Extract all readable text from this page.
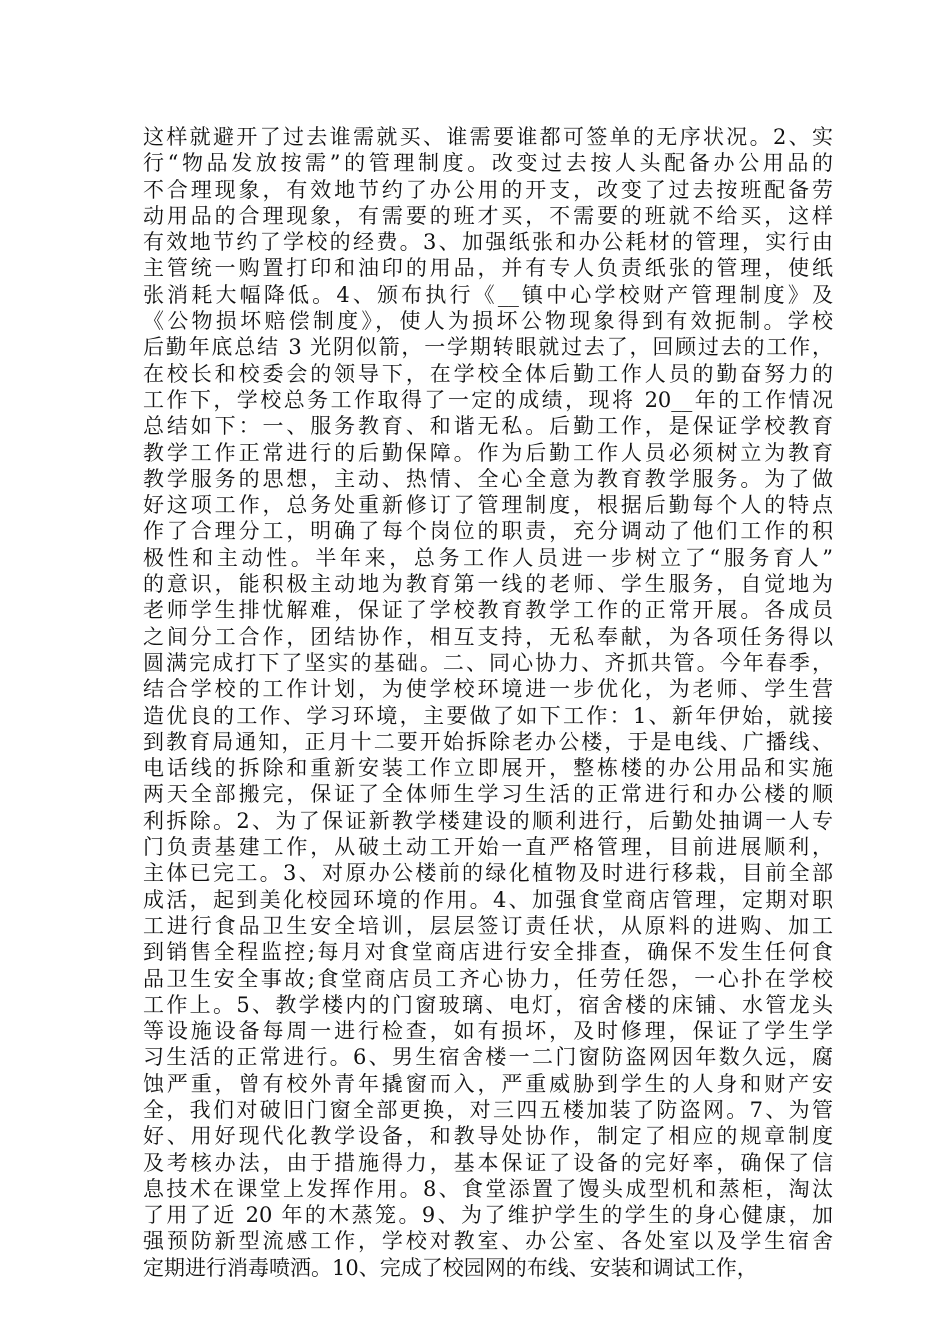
这样就避开了过去谁需就买、谁需要谁都可签单的无序状况。2、实
行“物品发放按需”的管理制度。改变过去按人头配备办公用品的
不合理现象，有效地节约了办公用的开支，改变了过去按班配备劳
动用品的合理现象，有需要的班才买，不需要的班就不给买，这样
有效地节约了学校的经费。3、加强纸张和办公耗材的管理，实行由
主管统一购置打印和油印的用品，并有专人负责纸张的管理，使纸
张消耗大幅降低。4、颁布执行《__镇中心学校财产管理制度》及
《公物损坏赔偿制度》，使人为损坏公物现象得到有效扼制。学校
后勤年底总结 3 光阴似箭，一学期转眼就过去了，回顾过去的工作，
在校长和校委会的领导下，在学校全体后勤工作人员的勤奋努力的
工作下，学校总务工作取得了一定的成绩，现将 20__年的工作情况
总结如下：一、服务教育、和谐无私。后勤工作，是保证学校教育
教学工作正常进行的后勤保障。作为后勤工作人员必须树立为教育
教学服务的思想，主动、热情、全心全意为教育教学服务。为了做
好这项工作，总务处重新修订了管理制度，根据后勤每个人的特点
作了合理分工，明确了每个岗位的职责，充分调动了他们工作的积
极性和主动性。半年来，总务工作人员进一步树立了“服务育人”
的意识，能积极主动地为教育第一线的老师、学生服务，自觉地为
老师学生排忧解难，保证了学校教育教学工作的正常开展。各成员
之间分工合作，团结协作，相互支持，无私奉献，为各项任务得以
圆满完成打下了坚实的基础。二、同心协力、齐抓共管。今年春季，
结合学校的工作计划，为使学校环境进一步优化，为老师、学生营
造优良的工作、学习环境，主要做了如下工作：1、新年伊始，就接
到教育局通知，正月十二要开始拆除老办公楼，于是电线、广播线、
电话线的拆除和重新安装工作立即展开，整栋楼的办公用品和实施
两天全部搬完，保证了全体师生学习生活的正常进行和办公楼的顺
利拆除。2、为了保证新教学楼建设的顺利进行，后勤处抽调一人专
门负责基建工作，从破土动工开始一直严格管理，目前进展顺利，
主体已完工。3、对原办公楼前的绿化植物及时进行移栽，目前全部
成活，起到美化校园环境的作用。4、加强食堂商店管理，定期对职
工进行食品卫生安全培训，层层签订责任状，从原料的进购、加工
到销售全程监控;每月对食堂商店进行安全排查，确保不发生任何食
品卫生安全事故;食堂商店员工齐心协力，任劳任怨，一心扑在学校
工作上。5、教学楼内的门窗玻璃、电灯，宿舍楼的床铺、水管龙头
等设施设备每周一进行检查，如有损坏，及时修理，保证了学生学
习生活的正常进行。6、男生宿舍楼一二门窗防盗网因年数久远，腐
蚀严重，曾有校外青年撬窗而入，严重威胁到学生的人身和财产安
全，我们对破旧门窗全部更换，对三四五楼加装了防盗网。7、为管
好、用好现代化教学设备，和教导处协作，制定了相应的规章制度
及考核办法，由于措施得力，基本保证了设备的完好率，确保了信
息技术在课堂上发挥作用。8、食堂添置了馒头成型机和蒸柜，淘汰
了用了近 20 年的木蒸笼。9、为了维护学生的学生的身心健康，加
强预防新型流感工作，学校对教室、办公室、各处室以及学生宿舍
定期进行消毒喷洒。10、完成了校园网的布线、安装和调试工作，
